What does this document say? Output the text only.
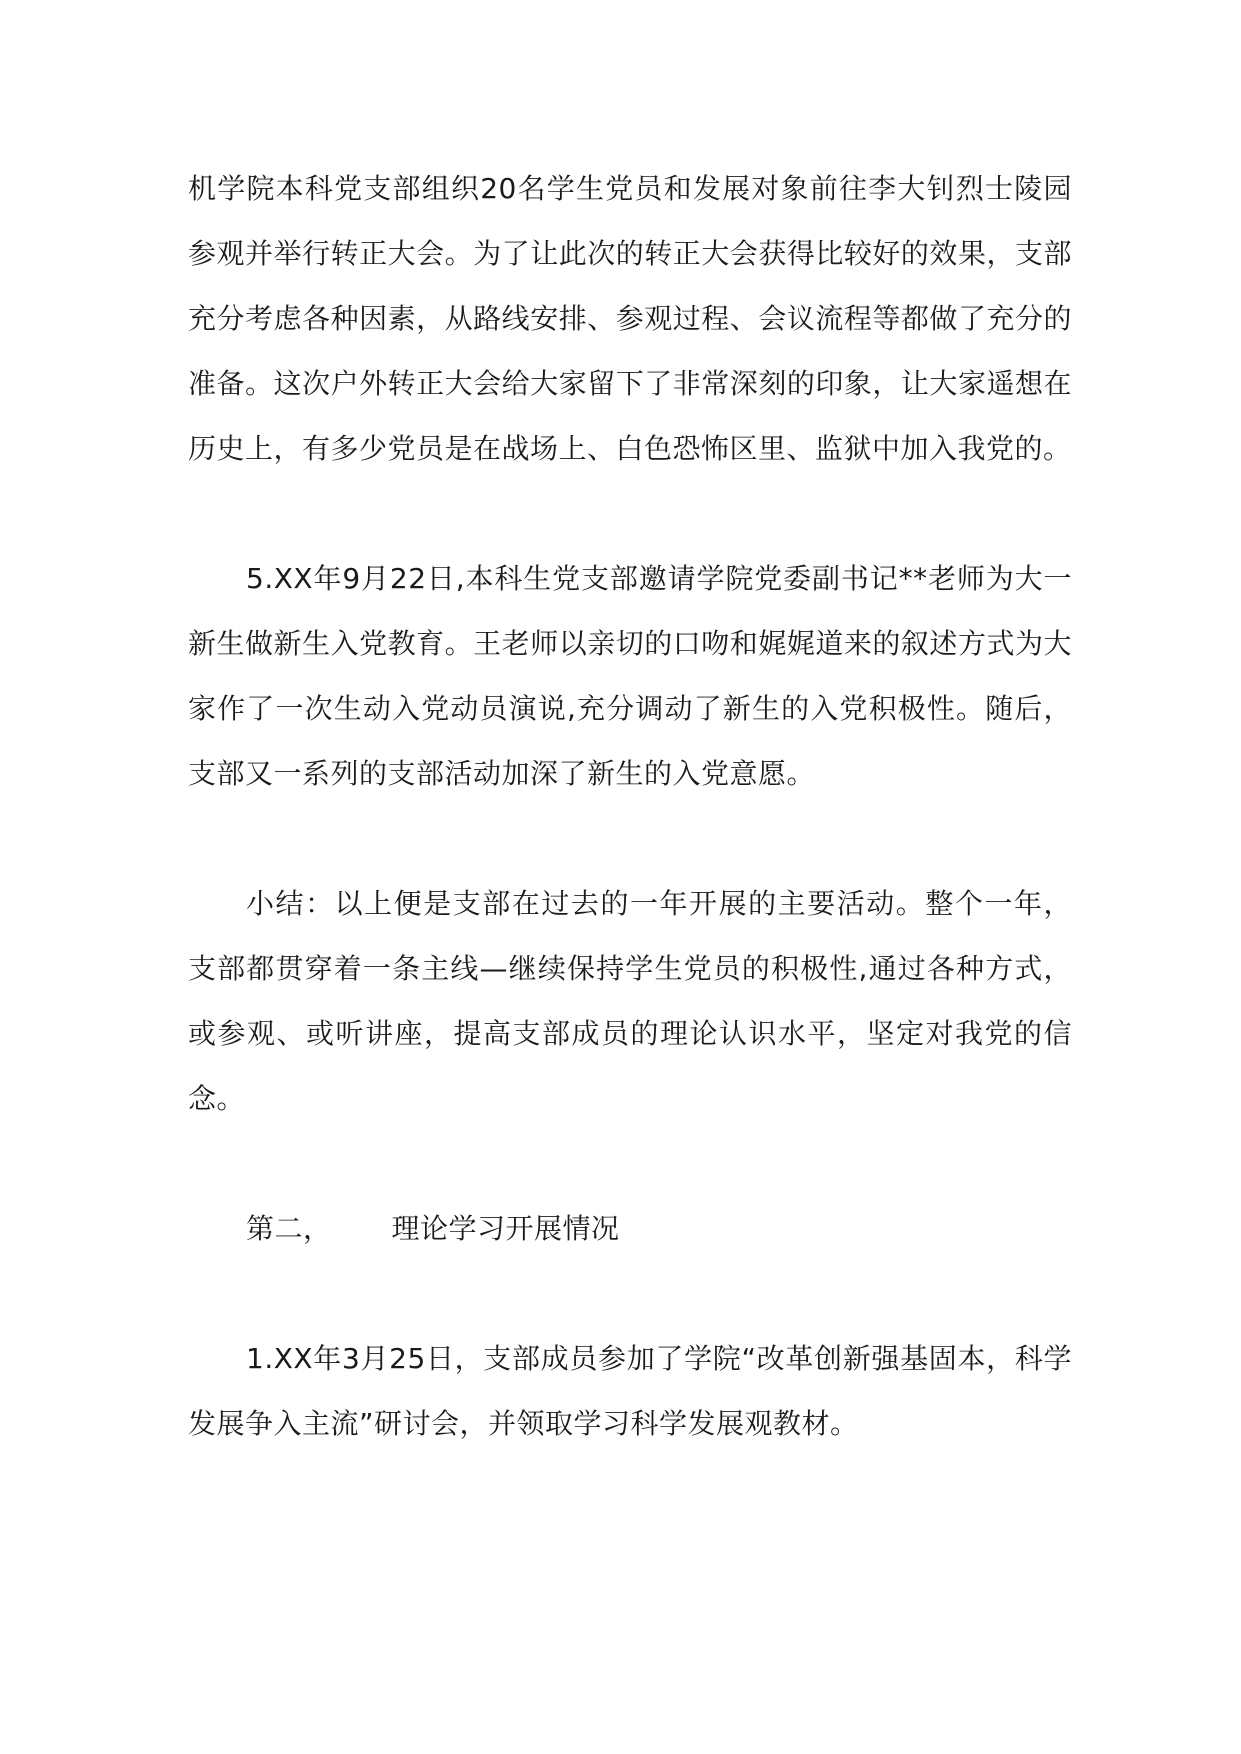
机学院本科党支部组织20名学生党员和发展对象前往李大钊烈士陵园参观并举行转正大会。为了让此次的转正大会获得比较好的效果，支部充分考虑各种因素，从路线安排、参观过程、会议流程等都做了充分的准备。这次户外转正大会给大家留下了非常深刻的印象，让大家遥想在历史上，有多少党员是在战场上、白色恐怖区里、监狱中加入我党的。

5.XX年9月22日,本科生党支部邀请学院党委副书记**老师为大一新生做新生入党教育。王老师以亲切的口吻和娓娓道来的叙述方式为大家作了一次生动入党动员演说,充分调动了新生的入党积极性。随后，支部又一系列的支部活动加深了新生的入党意愿。

小结：以上便是支部在过去的一年开展的主要活动。整个一年，支部都贯穿着一条主线—继续保持学生党员的积极性,通过各种方式，或参观、或听讲座，提高支部成员的理论认识水平，坚定对我党的信念。

第二， 理论学习开展情况

1.XX年3月25日，支部成员参加了学院“改革创新强基固本，科学发展争入主流”研讨会，并领取学习科学发展观教材。
